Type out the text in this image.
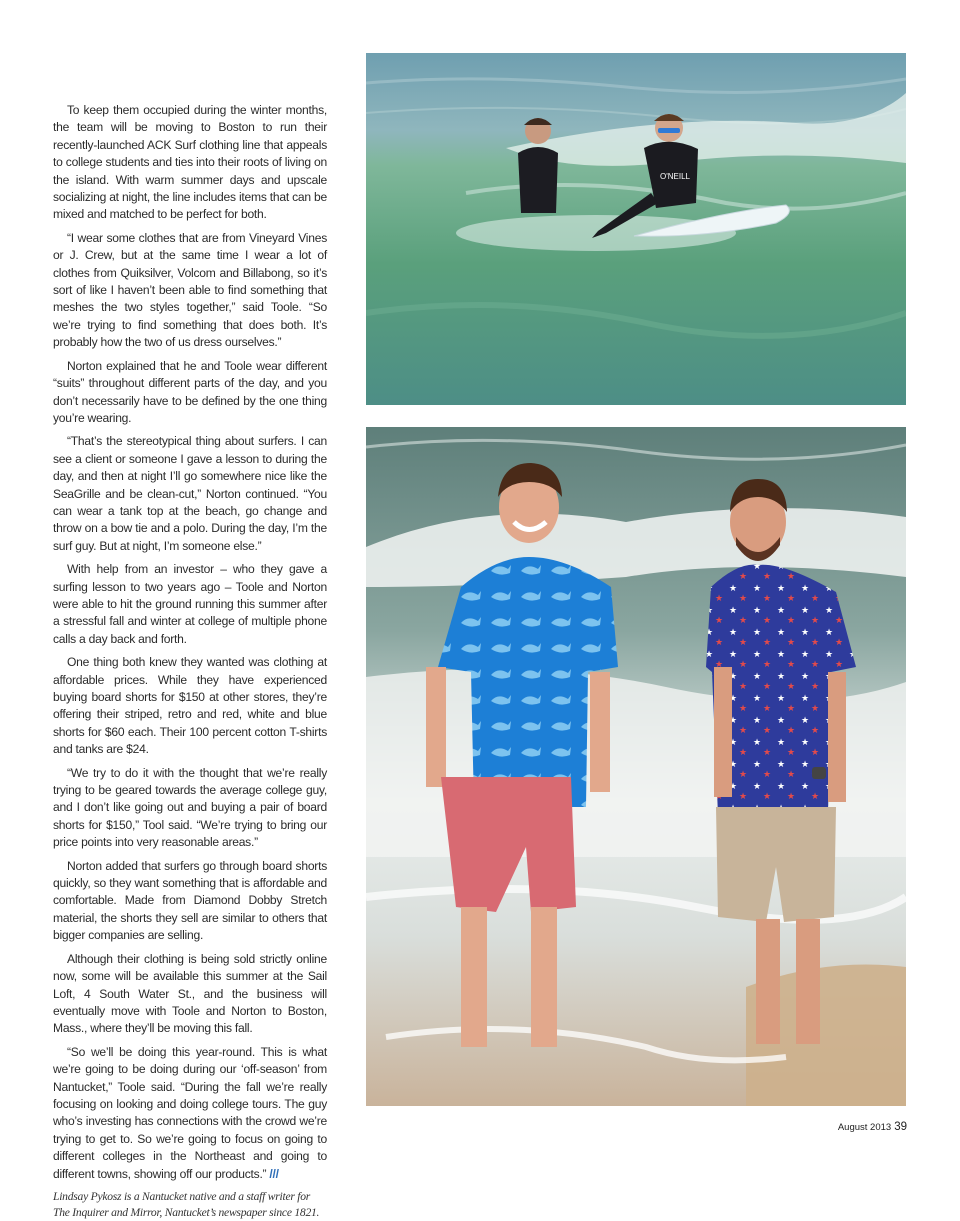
To keep them occupied during the winter months, the team will be moving to Boston to run their recently-launched ACK Surf clothing line that appeals to college students and ties into their roots of living on the island. With warm summer days and upscale socializing at night, the line includes items that can be mixed and matched to be perfect for both.

“I wear some clothes that are from Vineyard Vines or J. Crew, but at the same time I wear a lot of clothes from Quiksilver, Volcom and Billabong, so it’s sort of like I haven’t been able to find something that meshes the two styles together,” said Toole. “So we’re trying to find something that does both. It’s probably how the two of us dress ourselves.”

Norton explained that he and Toole wear different “suits” throughout different parts of the day, and you don’t necessarily have to be defined by the one thing you’re wearing.

“That’s the stereotypical thing about surfers. I can see a client or someone I gave a lesson to during the day, and then at night I’ll go somewhere nice like the SeaGrille and be clean-cut,” Norton continued. “You can wear a tank top at the beach, go change and throw on a bow tie and a polo. During the day, I’m the surf guy. But at night, I’m someone else.”

With help from an investor – who they gave a surfing lesson to two years ago – Toole and Norton were able to hit the ground running this summer after a stressful fall and winter at college of multiple phone calls a day back and forth.

One thing both knew they wanted was clothing at affordable prices. While they have experienced buying board shorts for $150 at other stores, they’re offering their striped, retro and red, white and blue shorts for $60 each. Their 100 percent cotton T-shirts and tanks are $24.

“We try to do it with the thought that we’re really trying to be geared towards the average college guy, and I don’t like going out and buying a pair of board shorts for $150,” Tool said. “We’re trying to bring our price points into very reasonable areas.”

Norton added that surfers go through board shorts quickly, so they want something that is affordable and comfortable. Made from Diamond Dobby Stretch material, the shorts they sell are similar to others that bigger companies are selling.

Although their clothing is being sold strictly online now, some will be available this summer at the Sail Loft, 4 South Water St., and the business will eventually move with Toole and Norton to Boston, Mass., where they’ll be moving this fall.

“So we’ll be doing this year-round. This is what we’re going to be doing during our ‘off-season’ from Nantucket,” Toole said. “During the fall we’re really focusing on looking and doing college tours. The guy who’s investing has connections with the crowd we’re trying to get to. So we’re going to focus on going to different colleges in the Northeast and going to different towns, showing off our products.” ///

Lindsay Pykosz is a Nantucket native and a staff writer for The Inquirer and Mirror, Nantucket’s newspaper since 1821.
O'NEILL
August 2013 39
